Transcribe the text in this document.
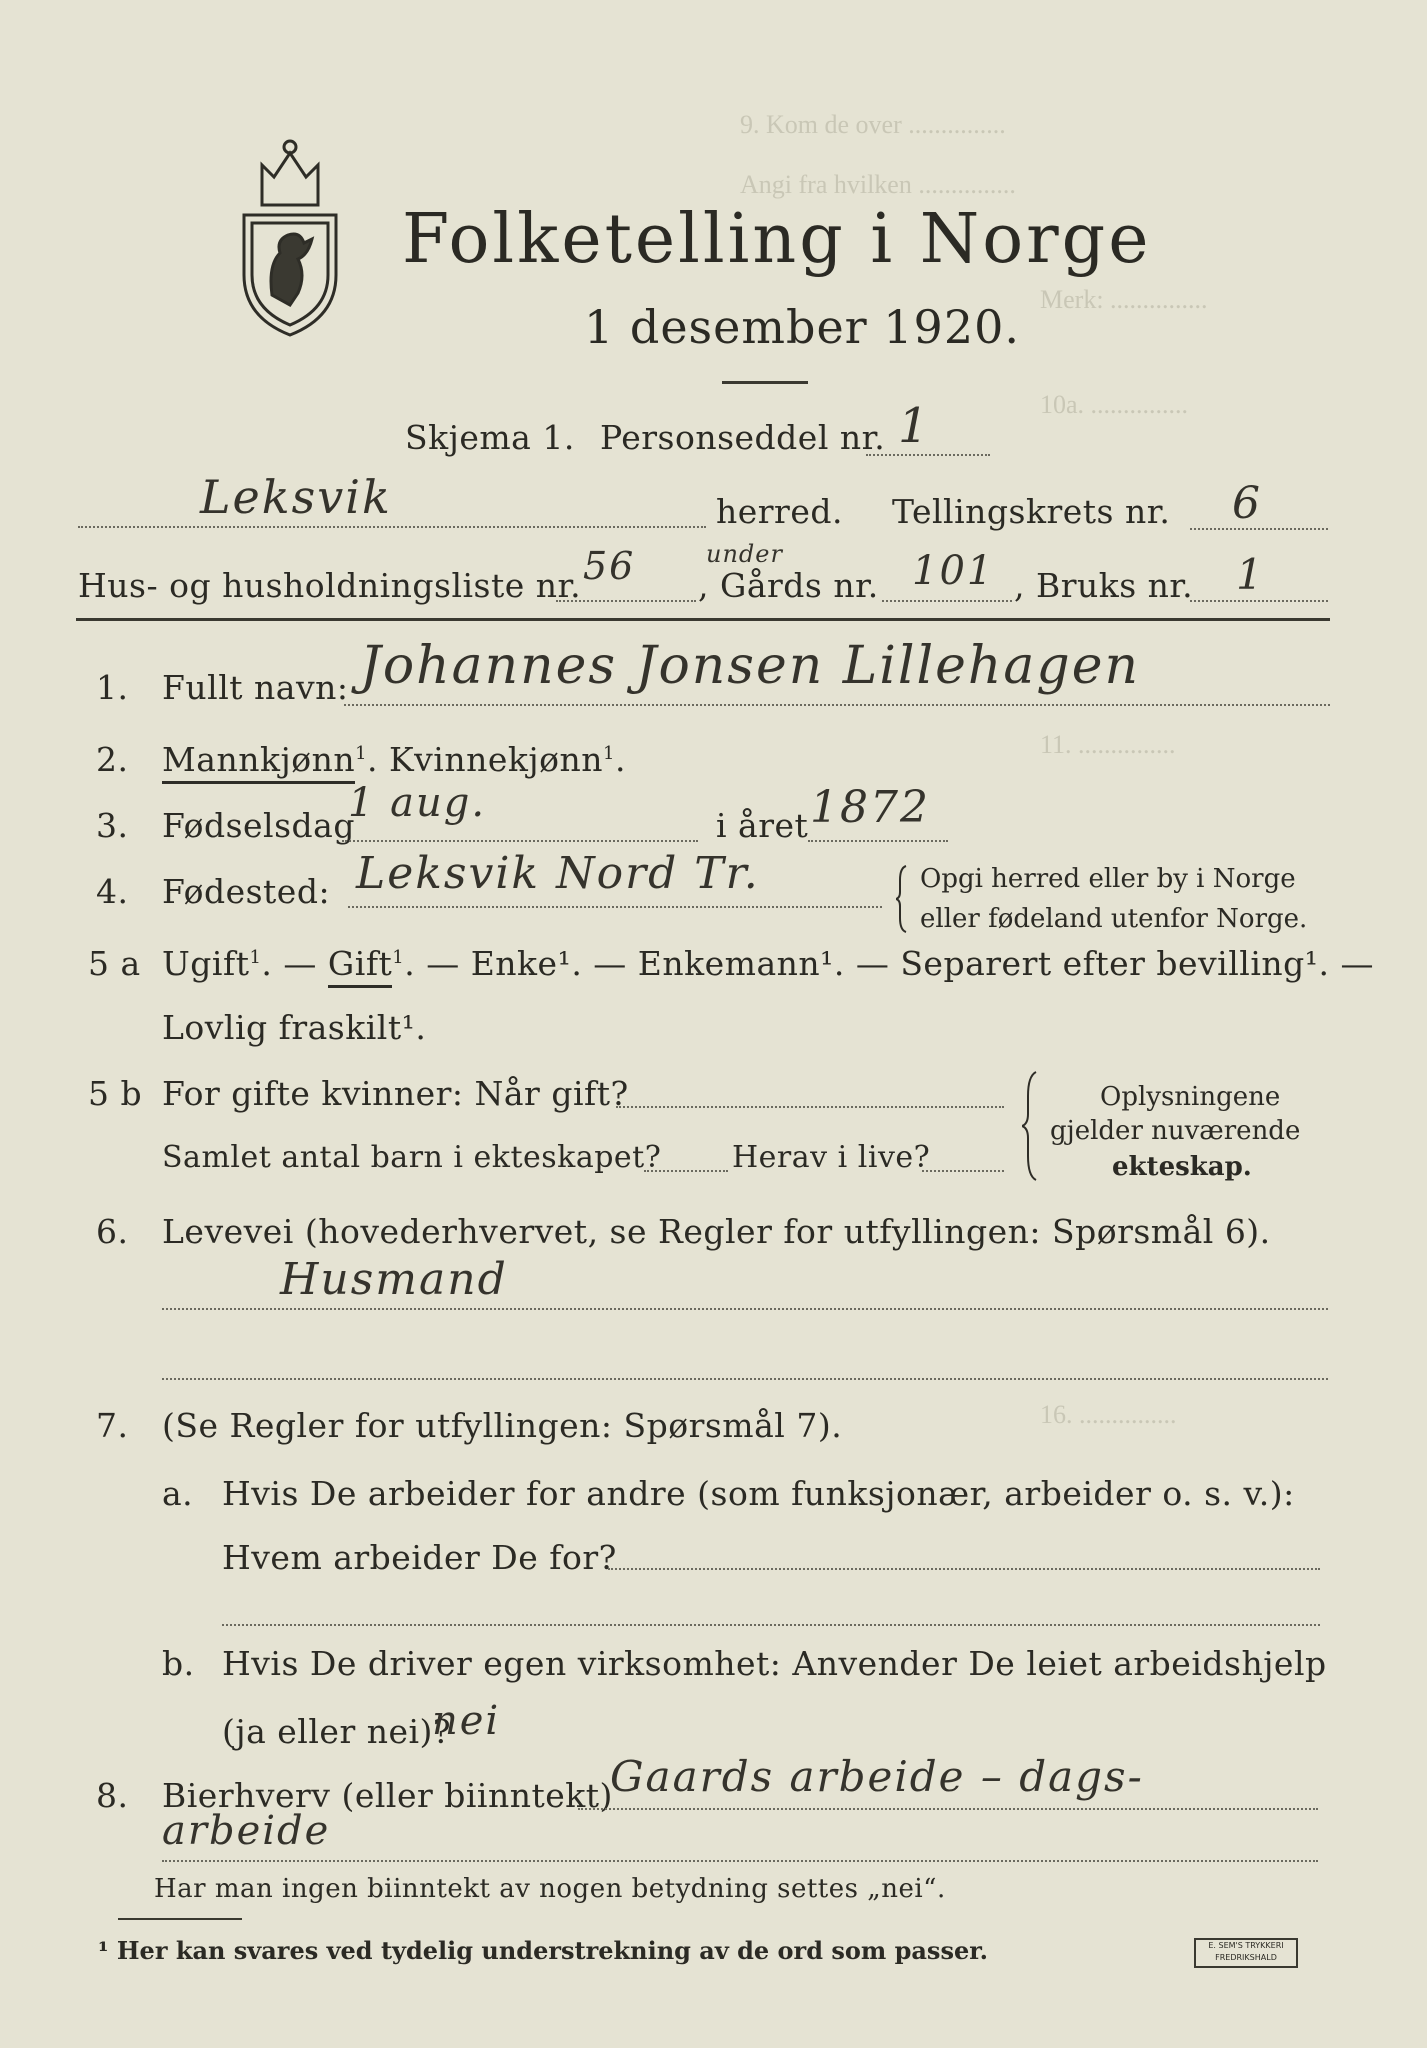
9. Kom de over ...............
Angi fra hvilken ...............
Merk: ...............
10a. ...............
11. ...............
16. ...............
Folketelling i Norge
1 desember 1920.
Skjema 1. Personseddel nr. 1
Leksvik	herred. Tellingskrets nr. 6
Hus- og husholdningsliste nr. 56	under
, Gårds nr. 101 , Bruks nr. 1
1. Fullt navn: Johannes Jonsen Lillehagen
2. Mannkjønn$^1$. Kvinnekjønn$^1$.
3. Fødselsdag
1 aug.	i året 1872
4. Fødested: Leksvik Nord Tr.	Opgi herred eller by i Norge
eller fødeland utenfor Norge.
5 a Ugift$^1$. — Gift$^1$. — Enke¹. — Enkemann¹. — Separert efter bevilling¹. —
Lovlig fraskilt¹.
5 b For gifte kvinner: Når gift?
Samlet antal barn i ekteskapet? Herav i live?
Oplysningene
gjelder nuværende
ekteskap.
6. Levevei (hovederhvervet, se Regler for utfyllingen: Spørsmål 6).
Husmand
7. (Se Regler for utfyllingen: Spørsmål 7).
a. Hvis De arbeider for andre (som funksjonær, arbeider o. s. v.):
Hvem arbeider De for?
b. Hvis De driver egen virksomhet: Anvender De leiet arbeidshjelp
(ja eller nei)?
nei
8. Bierhverv (eller biinntekt)
Gaards arbeide – dags-
arbeide
Har man ingen biinntekt av nogen betydning settes „nei“.
¹ Her kan svares ved tydelig understrekning av de ord som passer.	E. SEM'S TRYKKERI FREDRIKSHALD
